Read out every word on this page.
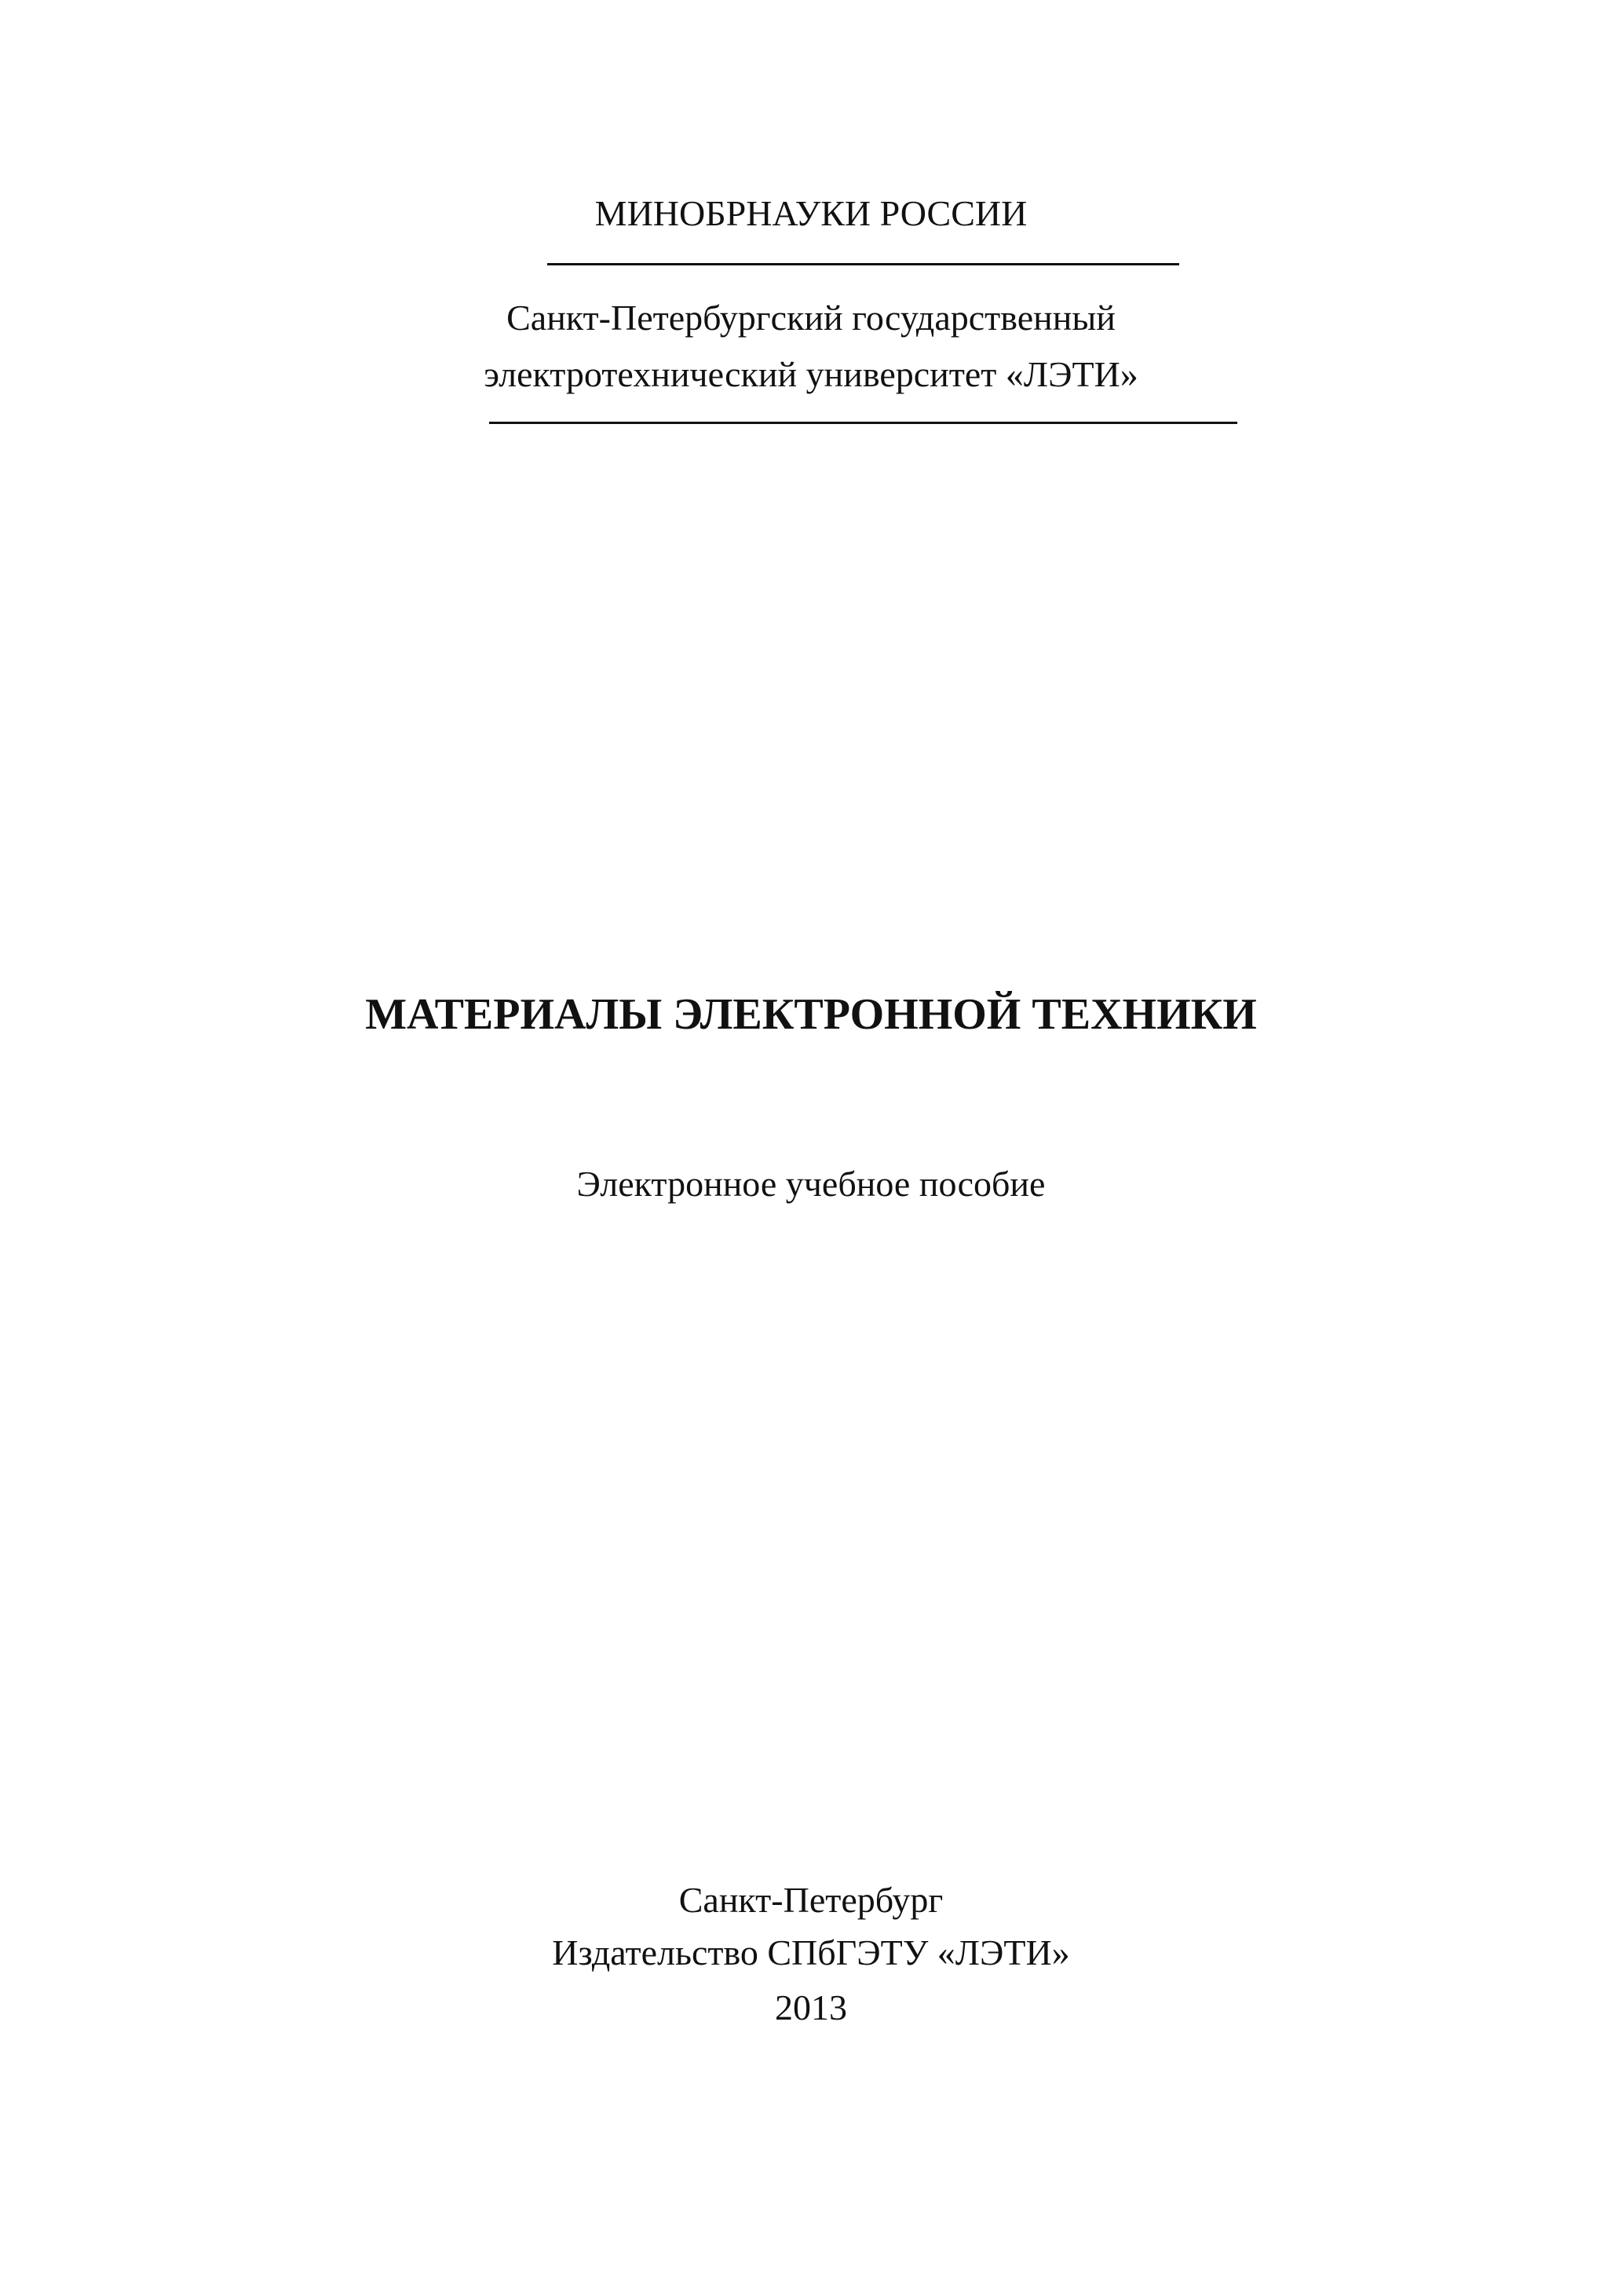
МИНОБРНАУКИ РОССИИ
Санкт-Петербургский государственный
электротехнический университет «ЛЭТИ»
МАТЕРИАЛЫ ЭЛЕКТРОННОЙ ТЕХНИКИ
Электронное учебное пособие
Санкт-Петербург
Издательство СПбГЭТУ «ЛЭТИ»
2013
